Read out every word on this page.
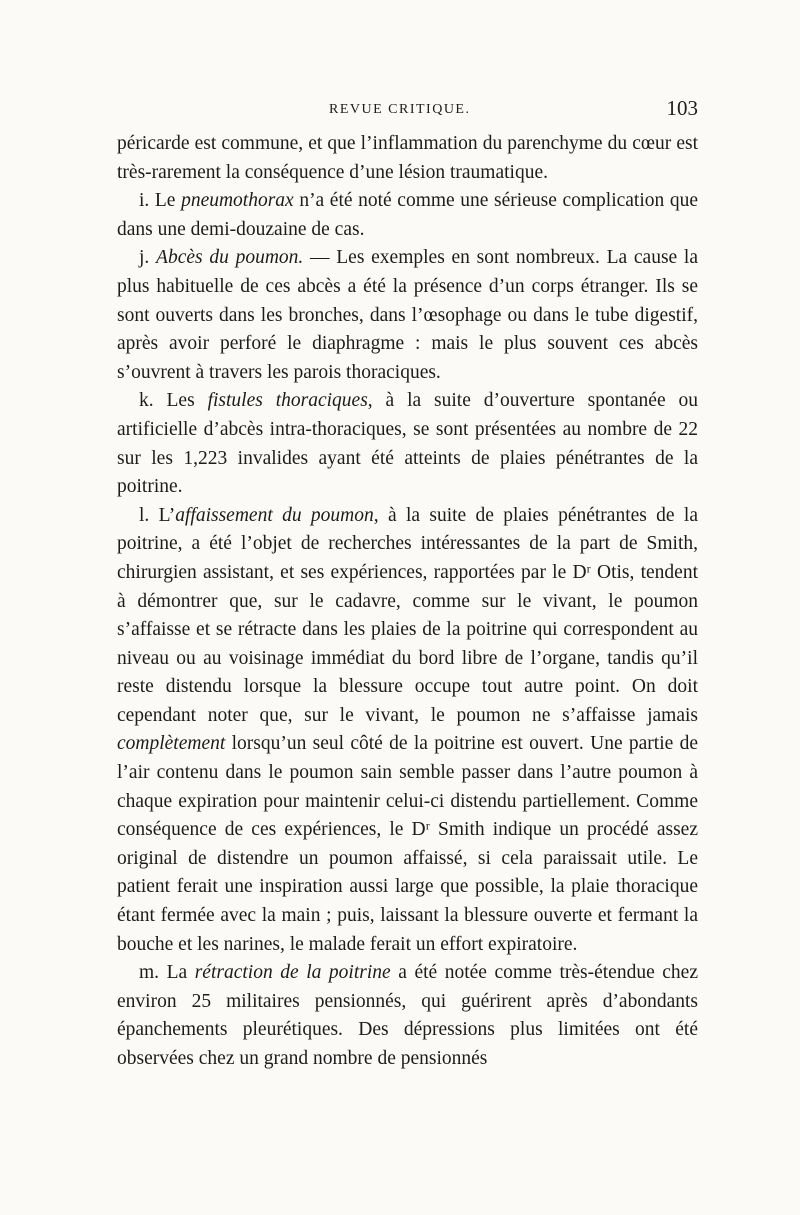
REVUE CRITIQUE.	103

péricarde est commune, et que l’inflammation du parenchyme du cœur est très-rarement la conséquence d’une lésion traumatique.

i. Le pneumothorax n’a été noté comme une sérieuse complication que dans une demi-douzaine de cas.

j. Abcès du poumon. — Les exemples en sont nombreux. La cause la plus habituelle de ces abcès a été la présence d’un corps étranger. Ils se sont ouverts dans les bronches, dans l’œsophage ou dans le tube digestif, après avoir perforé le diaphragme : mais le plus souvent ces abcès s’ouvrent à travers les parois thoraciques.

k. Les fistules thoraciques, à la suite d’ouverture spontanée ou artificielle d’abcès intra-thoraciques, se sont présentées au nombre de 22 sur les 1,223 invalides ayant été atteints de plaies pénétrantes de la poitrine.

l. L’affaissement du poumon, à la suite de plaies pénétrantes de la poitrine, a été l’objet de recherches intéressantes de la part de Smith, chirurgien assistant, et ses expériences, rapportées par le Dʳ Otis, tendent à démontrer que, sur le cadavre, comme sur le vivant, le poumon s’affaisse et se rétracte dans les plaies de la poitrine qui correspondent au niveau ou au voisinage immédiat du bord libre de l’organe, tandis qu’il reste distendu lorsque la blessure occupe tout autre point. On doit cependant noter que, sur le vivant, le poumon ne s’affaisse jamais complètement lorsqu’un seul côté de la poitrine est ouvert. Une partie de l’air contenu dans le poumon sain semble passer dans l’autre poumon à chaque expiration pour maintenir celui-ci distendu partiellement. Comme conséquence de ces expériences, le Dʳ Smith indique un procédé assez original de distendre un poumon affaissé, si cela paraissait utile. Le patient ferait une inspiration aussi large que possible, la plaie thoracique étant fermée avec la main ; puis, laissant la blessure ouverte et fermant la bouche et les narines, le malade ferait un effort expiratoire.

m. La rétraction de la poitrine a été notée comme très-étendue chez environ 25 militaires pensionnés, qui guérirent après d’abondants épanchements pleurétiques. Des dépressions plus limitées ont été observées chez un grand nombre de pensionnés
